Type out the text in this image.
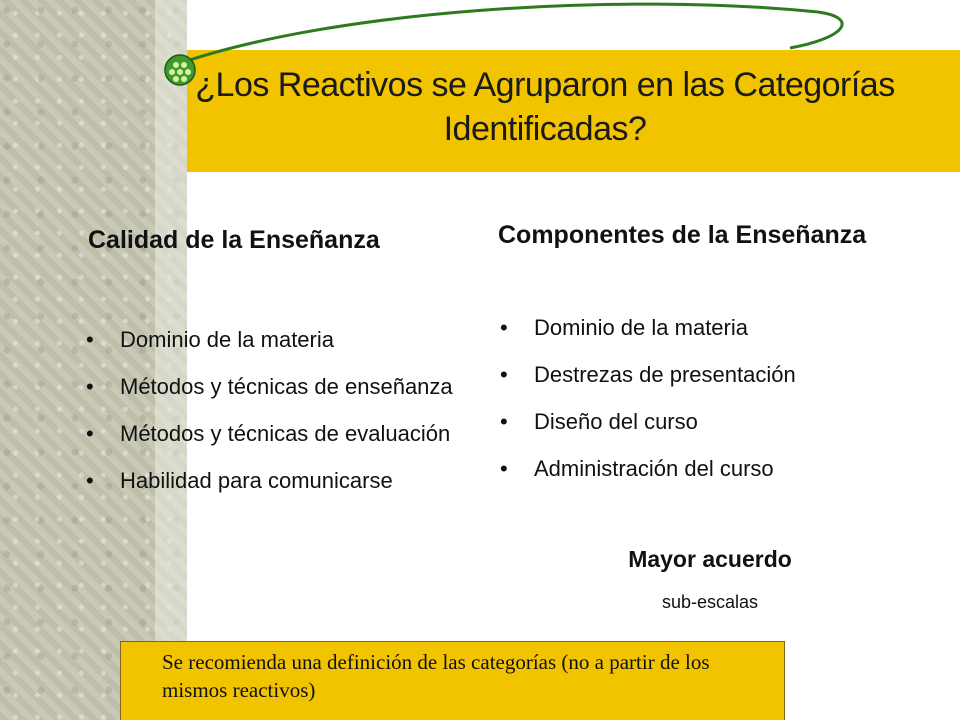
¿Los Reactivos se Agruparon en las Categorías Identificadas?
Calidad de la Enseñanza
• Dominio de la materia
• Métodos y técnicas de enseñanza
• Métodos y técnicas de evaluación
• Habilidad para comunicarse
Componentes de la Enseñanza
• Dominio de la materia
• Destrezas de presentación
• Diseño del curso
• Administración del curso
Mayor acuerdo
sub-escalas
Se recomienda una definición de las categorías (no a partir de los mismos reactivos)
